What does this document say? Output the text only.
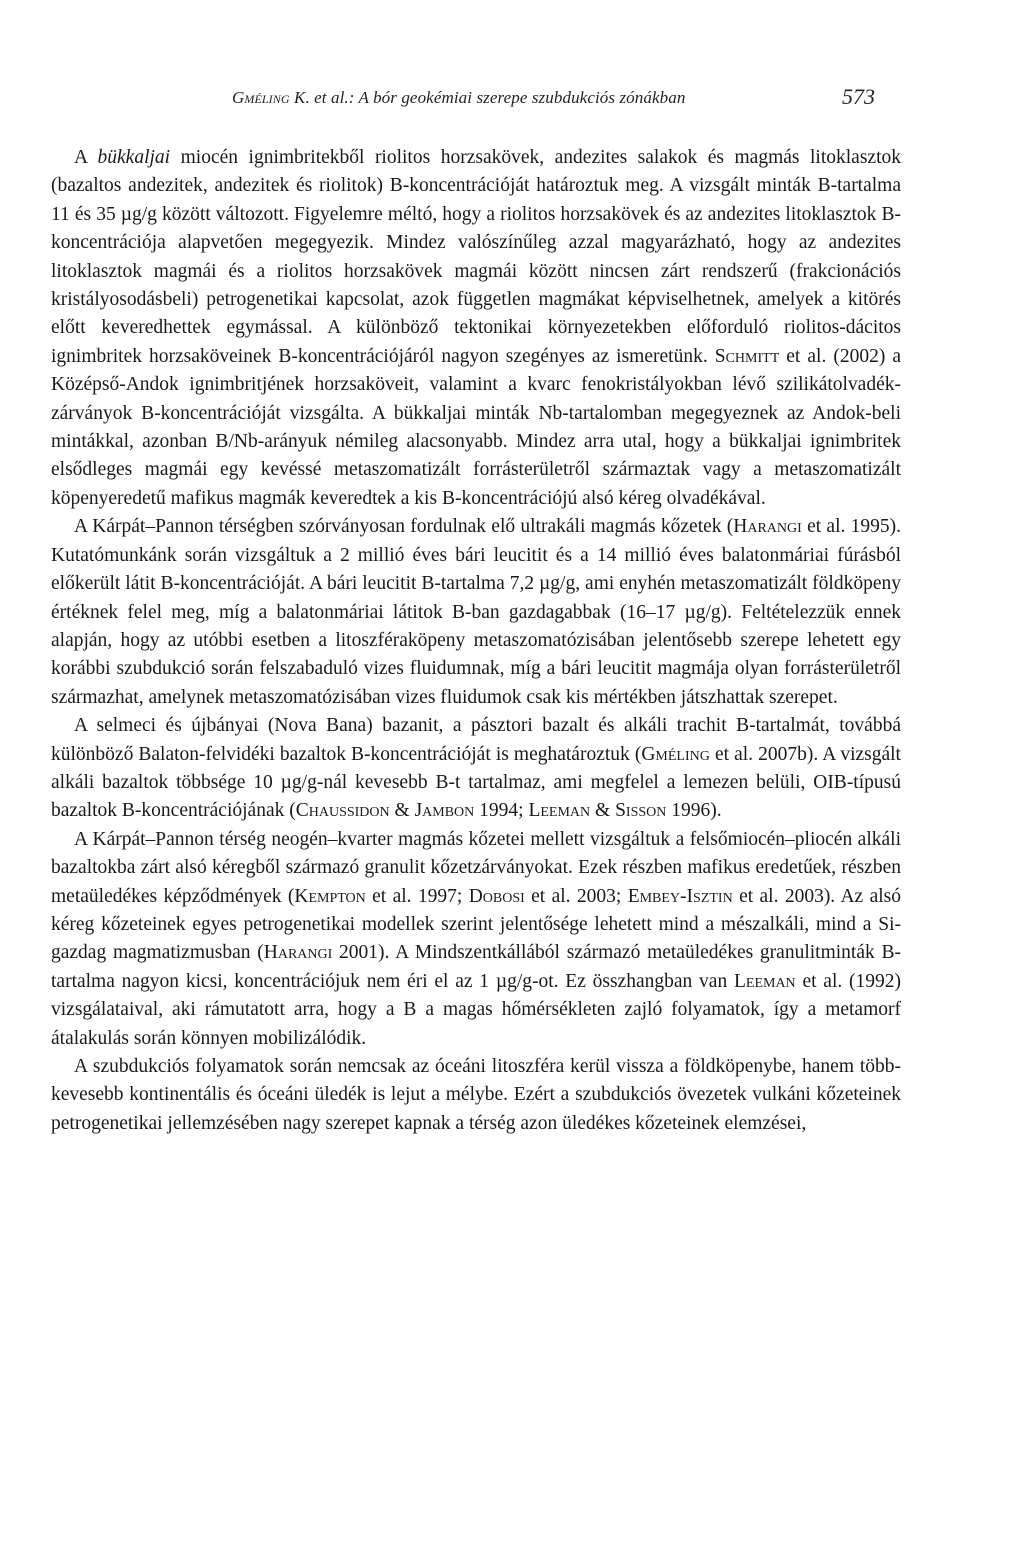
Gméling K. et al.: A bór geokémiai szerepe szubdukciós zónákban	573

A bükkaljai miocén ignimbritekből riolitos horzsakövek, andezites salakok és magmás litoklasztok (bazaltos andezitek, andezitek és riolitok) B-koncentrációját határoztuk meg. A vizsgált minták B-tartalma 11 és 35 µg/g között változott. Figyelemre méltó, hogy a riolitos horzsakövek és az andezites litoklasztok B-koncentrációja alapvetően megegyezik. Mindez valószínűleg azzal magyarázható, hogy az andezites litoklasztok magmái és a riolitos horzsakövek magmái között nincsen zárt rendszerű (frakcionációs kristályosodásbeli) petrogenetikai kapcsolat, azok független magmákat képviselhetnek, amelyek a kitörés előtt keveredhettek egymással. A különböző tektonikai környezetekben előforduló riolitos-dácitos ignimbritek horzsaköveinek B-koncentrációjáról nagyon szegényes az ismeretünk. Schmitt et al. (2002) a Középső-Andok ignimbritjének horzsaköveit, valamint a kvarc fenokristályokban lévő szilikátolvadék-zárványok B-koncentrációját vizsgálta. A bükkaljai minták Nb-tartalomban megegyeznek az Andok-beli mintákkal, azonban B/Nb-arányuk némileg alacsonyabb. Mindez arra utal, hogy a bükkaljai ignimbritek elsődleges magmái egy kevéssé metaszomatizált forrásterületről származtak vagy a metaszomatizált köpenyeredetű mafikus magmák keveredtek a kis B-koncentrációjú alsó kéreg olvadékával.

A Kárpát–Pannon térségben szórványosan fordulnak elő ultrakáli magmás kőzetek (Harangi et al. 1995). Kutatómunkánk során vizsgáltuk a 2 millió éves bári leucitit és a 14 millió éves balatonmáriai fúrásból előkerült látit B-koncentrációját. A bári leucitit B-tartalma 7,2 µg/g, ami enyhén metaszomatizált földköpeny értéknek felel meg, míg a balatonmáriai látitok B-ban gazdagabbak (16–17 µg/g). Feltételezzük ennek alapján, hogy az utóbbi esetben a litoszféraköpeny metaszomatózisában jelentősebb szerepe lehetett egy korábbi szubdukció során felszabaduló vizes fluidumnak, míg a bári leucitit magmája olyan forrásterületről származhat, amelynek metaszomatózisában vizes fluidumok csak kis mértékben játszhattak szerepet.

A selmeci és újbányai (Nova Bana) bazanit, a pásztori bazalt és alkáli trachit B-tartalmát, továbbá különböző Balaton-felvidéki bazaltok B-koncentrációját is meghatároztuk (Gméling et al. 2007b). A vizsgált alkáli bazaltok többsége 10 µg/g-nál kevesebb B-t tartalmaz, ami megfelel a lemezen belüli, OIB-típusú bazaltok B-koncentrációjának (Chaussidon & Jambon 1994; Leeman & Sisson 1996).

A Kárpát–Pannon térség neogén–kvarter magmás kőzetei mellett vizsgáltuk a felsőmiocén–pliocén alkáli bazaltokba zárt alsó kéregből származó granulit kőzetzárványokat. Ezek részben mafikus eredetűek, részben metaüledékes képződmények (Kempton et al. 1997; Dobosi et al. 2003; Embey-Isztin et al. 2003). Az alsó kéreg kőzeteinek egyes petrogenetikai modellek szerint jelentősége lehetett mind a mészalkáli, mind a Si-gazdag magmatizmusban (Harangi 2001). A Mindszentkállából származó metaüledékes granulitminták B-tartalma nagyon kicsi, koncentrációjuk nem éri el az 1 µg/g-ot. Ez összhangban van Leeman et al. (1992) vizsgálataival, aki rámutatott arra, hogy a B a magas hőmérsékleten zajló folyamatok, így a metamorf átalakulás során könnyen mobilizálódik.

A szubdukciós folyamatok során nemcsak az óceáni litoszféra kerül vissza a földköpenybe, hanem több-kevesebb kontinentális és óceáni üledék is lejut a mélybe. Ezért a szubdukciós övezetek vulkáni kőzeteinek petrogenetikai jellemzésében nagy szerepet kapnak a térség azon üledékes kőzeteinek elemzései,
